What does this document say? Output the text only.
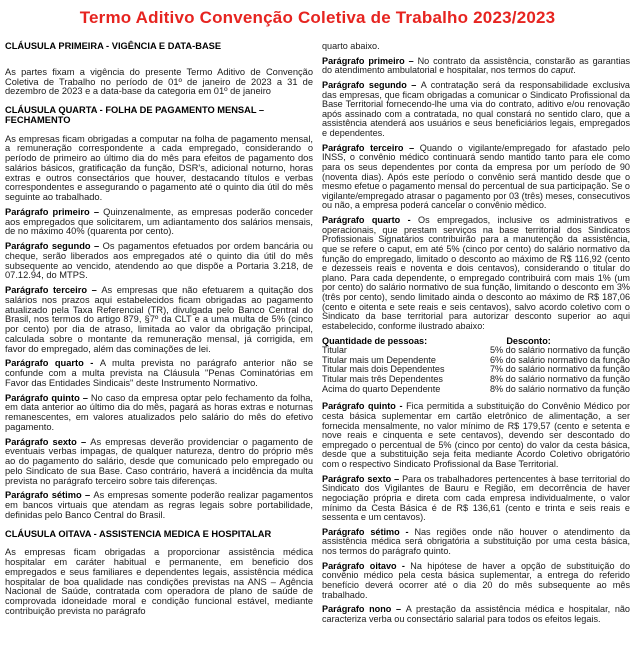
Termo Aditivo Convenção Coletiva de Trabalho 2023/2023
CLÁUSULA PRIMEIRA - VIGÊNCIA E DATA-BASE

As partes fixam a vigência do presente Termo Aditivo de Convenção Coletiva de Trabalho no período de 01º de janeiro de 2023 a 31 de dezembro de 2023 e a data-base da categoria em 01º de janeiro

CLÁUSULA QUARTA - FOLHA DE PAGAMENTO MENSAL – FECHAMENTO

As empresas ficam obrigadas a computar na folha de pagamento mensal, a remuneração correspondente a cada empregado, considerando o período de primeiro ao último dia do mês para efeitos de pagamento dos salários básicos, gratificação da função, DSR's, adicional noturno, horas extras e outros consectários que houver, destacando títulos e verbas correspondentes e assegurando o pagamento até o quinto dia útil do mês seguinte ao trabalhado.

Parágrafo primeiro – Quinzenalmente, as empresas poderão conceder aos empregados que solicitarem, um adiantamento dos salários mensais, de no máximo 40% (quarenta por cento).

Parágrafo segundo – Os pagamentos efetuados por ordem bancária ou cheque, serão liberados aos empregados até o quinto dia útil do mês subsequente ao vencido, atendendo ao que dispõe a Portaria 3.218, de 07.12.94, do MTPS.

Parágrafo terceiro – As empresas que não efetuarem a quitação dos salários nos prazos aqui estabelecidos ficam obrigadas ao pagamento atualizado pela Taxa Referencial (TR), divulgada pelo Banco Central do Brasil, nos termos do artigo 879, §7º da CLT e a uma multa de 5% (cinco por cento) por dia de atraso, limitada ao valor da obrigação principal, calculada sobre o montante da remuneração mensal, já corrigida, em favor do empregado, além das cominações de lei.

Parágrafo quarto - A multa prevista no parágrafo anterior não se confunde com a multa prevista na Cláusula "Penas Cominatórias em Favor das Entidades Sindicais" deste Instrumento Normativo.

Parágrafo quinto – No caso da empresa optar pelo fechamento da folha, em data anterior ao último dia do mês, pagará as horas extras e noturnas remanescentes, em valores atualizados pelo salário do mês do efetivo pagamento.

Parágrafo sexto – As empresas deverão providenciar o pagamento de eventuais verbas impagas, de qualquer natureza, dentro do próprio mês ao do pagamento do salário, desde que comunicado pelo empregado ou pelo Sindicato de sua Base. Caso contrário, haverá a incidência da multa prevista no parágrafo terceiro sobre tais diferenças.

Parágrafo sétimo – As empresas somente poderão realizar pagamentos em bancos virtuais que atendam as regras legais sobre portabilidade, definidas pelo Banco Central do Brasil.

CLÁUSULA OITAVA - ASSISTENCIA MEDICA E HOSPITALAR

As empresas ficam obrigadas a proporcionar assistência médica hospitalar em caráter habitual e permanente, em beneficio dos empregados e seus familiares e dependentes legais, assistência médica hospitalar de boa qualidade nas condições previstas na ANS – Agência Nacional de Saúde, contratada com operadora de plano de saúde de comprovada idoneidade moral e condição funcional estável, mediante contribuição prevista no parágrafo

quarto abaixo.

Parágrafo primeiro – No contrato da assistência, constarão as garantias do atendimento ambulatorial e hospitalar, nos termos do caput.

Parágrafo segundo – A contratação será da responsabilidade exclusiva das empresas, que ficam obrigadas a comunicar o Sindicato Profissional da Base Territorial fornecendo-lhe uma via do contrato, aditivo e/ou renovação após assinado com a contratada, no qual constará no sentido claro, que a assistência atenderá aos usuários e seus beneficiários legais, empregados e dependentes.

Parágrafo terceiro – Quando o vigilante/empregado for afastado pelo INSS, o convênio médico continuará sendo mantido tanto para ele como para os seus dependentes por conta da empresa por um período de 90 (noventa dias). Após este período o convênio será mantido desde que o mesmo efetue o pagamento mensal do percentual de sua participação. Se o vigilante/empregado atrasar o pagamento por 03 (três) meses, consecutivos ou não, a empresa poderá cancelar o convênio médico.

Parágrafo quarto - Os empregados, inclusive os administrativos e operacionais, que prestam serviços na base territorial dos Sindicatos Profissionais Signatários contribuirão para a manutenção da assistência, que se refere o caput, em até 5% (cinco por cento) do salário normativo da função do empregado, limitado o desconto ao máximo de R$ 116,92 (cento e dezesseis reais e noventa e dois centavos), considerando o titular do plano. Para cada dependente, o empregado contribuirá com mais 1% (um por cento) do salário normativo de sua função, limitando o desconto em 3% (três por cento), sendo limitado ainda o desconto ao máximo de R$ 187,06 (cento e oitenta e sete reais e seis centavos), salvo acordo coletivo com o Sindicato da base territorial para autorizar desconto superior ao aqui estabelecido, conforme ilustrado abaixo:

Quantidade de pessoas:	Desconto:
Titular	5% do salário normativo da função
Titular mais um Dependente	6% do salário normativo da função
Titular mais dois Dependentes	7% do salário normativo da função
Titular mais três Dependentes	8% do salário normativo da função
Acima do quarto Dependente	8% do salário normativo da função

Parágrafo quinto - Fica permitida a substituição do Convênio Médico por cesta básica suplementar em cartão eletrônico de alimentação, a ser fornecida mensalmente, no valor mínimo de R$ 179,57 (cento e setenta e nove reais e cinquenta e sete centavos), devendo ser descontado do empregado o percentual de 5% (cinco por cento) do valor da cesta básica, desde que a substituição seja feita mediante Acordo Coletivo obrigatório com o respectivo Sindicato Profissional da Base Territorial.

Parágrafo sexto – Para os trabalhadores pertencentes à base territorial do Sindicato dos Vigilantes de Bauru e Região, em decorrência de haver negociação própria e direta com cada empresa individualmente, o valor mínimo da Cesta Básica é de R$ 136,61 (cento e trinta e seis reais e sessenta e um centavos).

Parágrafo sétimo - Nas regiões onde não houver o atendimento da assistência médica será obrigatória a substituição por uma cesta básica, nos termos do parágrafo quinto.

Parágrafo oitavo - Na hipótese de haver a opção de substituição do convênio médico pela cesta básica suplementar, a entrega do referido benefício deverá ocorrer até o dia 20 do mês subsequente ao mês trabalhado.

Parágrafo nono – A prestação da assistência médica e hospitalar, não caracteriza verba ou consectário salarial para todos os efeitos legais.
